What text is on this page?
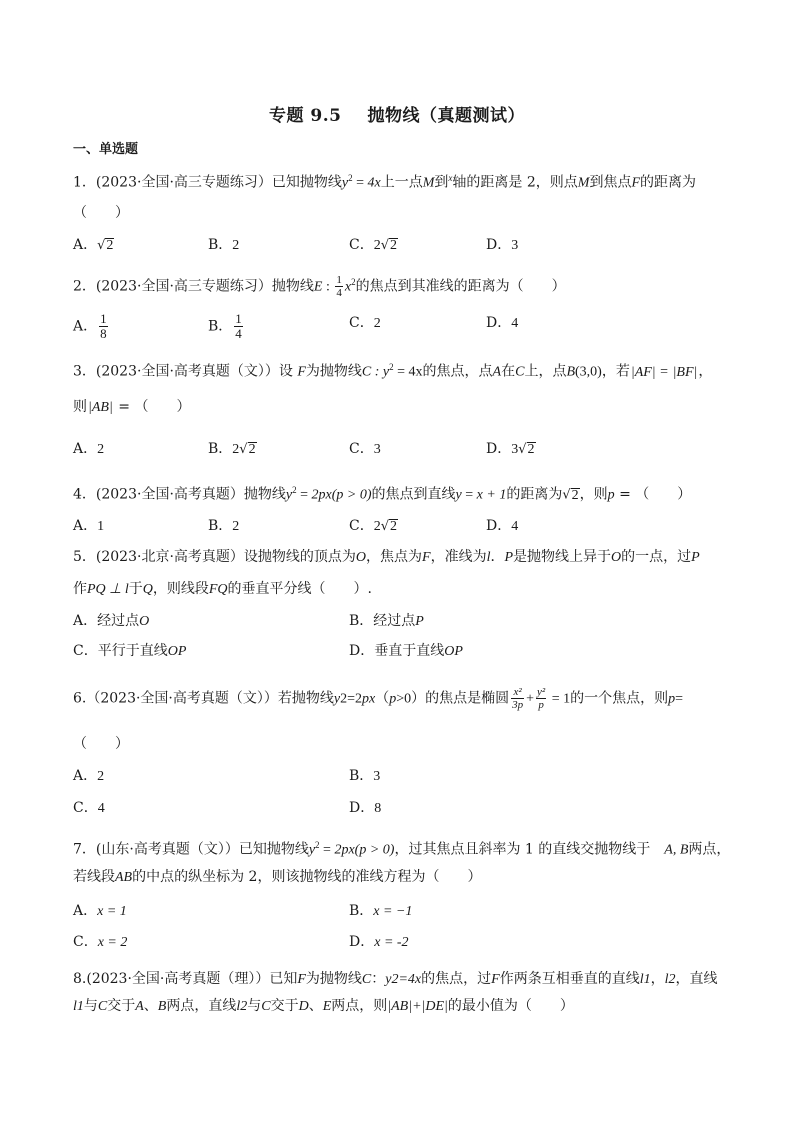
专题 9.5 抛物线（真题测试）
一、单选题
1．(2023·全国·高三专题练习）已知抛物线$y^2 = 4x$上一点M到$^x$轴的距离是 2，则点M到焦点F的距离为
（　　）
A．√2	B．2	C．2√2	D．3
2．(2023·全国·高三专题练习）抛物线E : $\frac{1}{4} x^2$的焦点到其准线的距离为（　　）
A． $\frac{1}{8}$	B． $\frac{1}{4}$	C．2	D．4
3．(2023·全国·高考真题（文））设 F为抛物线C : $y^2 = 4x$的焦点，点A在C上，点B(3,0)，若|AF| = |BF|，
则|AB| = （　　）
A．2	B．2√2	C．3	D．3√2
4．(2023·全国·高考真题）抛物线$y^2 = 2px(p > 0)$的焦点到直线y = x + 1的距离为√2，则p = （　　）
A．1	B．2	C．2√2	D．4
5．(2023·北京·高考真题）设抛物线的顶点为O，焦点为F，准线为l．P是抛物线上异于O的一点，过P
作PQ ⊥ l于Q，则线段FQ的垂直平分线（　　）.
A．经过点O	B．经过点P
C．平行于直线OP	D．垂直于直线OP
6.（2023·全国·高考真题（文））若抛物线y2=2px（p>0）的焦点是椭圆 $\frac{\text{x²}}{3p} + \frac{\text{y²}}{p} = 1$的一个焦点，则p=
（　　）
A．2	B．3
C．4	D．8
7．(山东·高考真题（文））已知抛物线$y^2 = 2px(p > 0)$，过其焦点且斜率为 1 的直线交抛物线于　A, B两点，
若线段AB的中点的纵坐标为 2，则该抛物线的准线方程为（　　）
A．x = 1	B．x = −1
C．x = 2	D．x = -2
8.(2023·全国·高考真题（理））已知F为抛物线C：y2=4x的焦点，过F作两条互相垂直的直线l1，l2，直线
l1与C交于A、B两点，直线l2与C交于D、E两点，则|AB|+|DE|的最小值为（　　）
